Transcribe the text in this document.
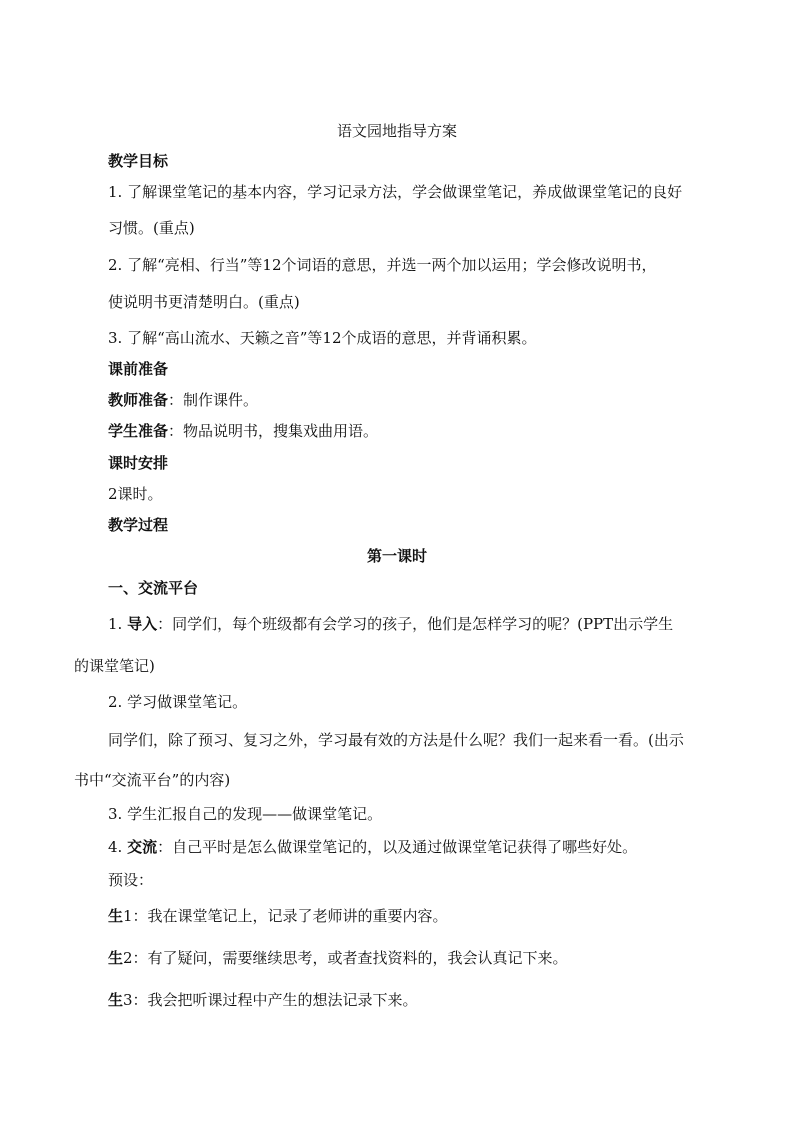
语文园地指导方案
教学目标
1. 了解课堂笔记的基本内容，学习记录方法，学会做课堂笔记，养成做课堂笔记的良好
习惯。(重点)
2. 了解“亮相、行当”等12个词语的意思，并选一两个加以运用；学会修改说明书，
使说明书更清楚明白。(重点)
3. 了解“高山流水、天籁之音”等12个成语的意思，并背诵积累。
课前准备
教师准备：制作课件。
学生准备：物品说明书，搜集戏曲用语。
课时安排
2课时。
教学过程
第一课时
一、交流平台
1. 导入：同学们，每个班级都有会学习的孩子，他们是怎样学习的呢？(PPT出示学生
的课堂笔记)
2. 学习做课堂笔记。
同学们，除了预习、复习之外，学习最有效的方法是什么呢？我们一起来看一看。(出示
书中“交流平台”的内容)
3. 学生汇报自己的发现——做课堂笔记。
4. 交流：自己平时是怎么做课堂笔记的，以及通过做课堂笔记获得了哪些好处。
预设：
生1：我在课堂笔记上，记录了老师讲的重要内容。
生2：有了疑问，需要继续思考，或者查找资料的，我会认真记下来。
生3：我会把听课过程中产生的想法记录下来。
